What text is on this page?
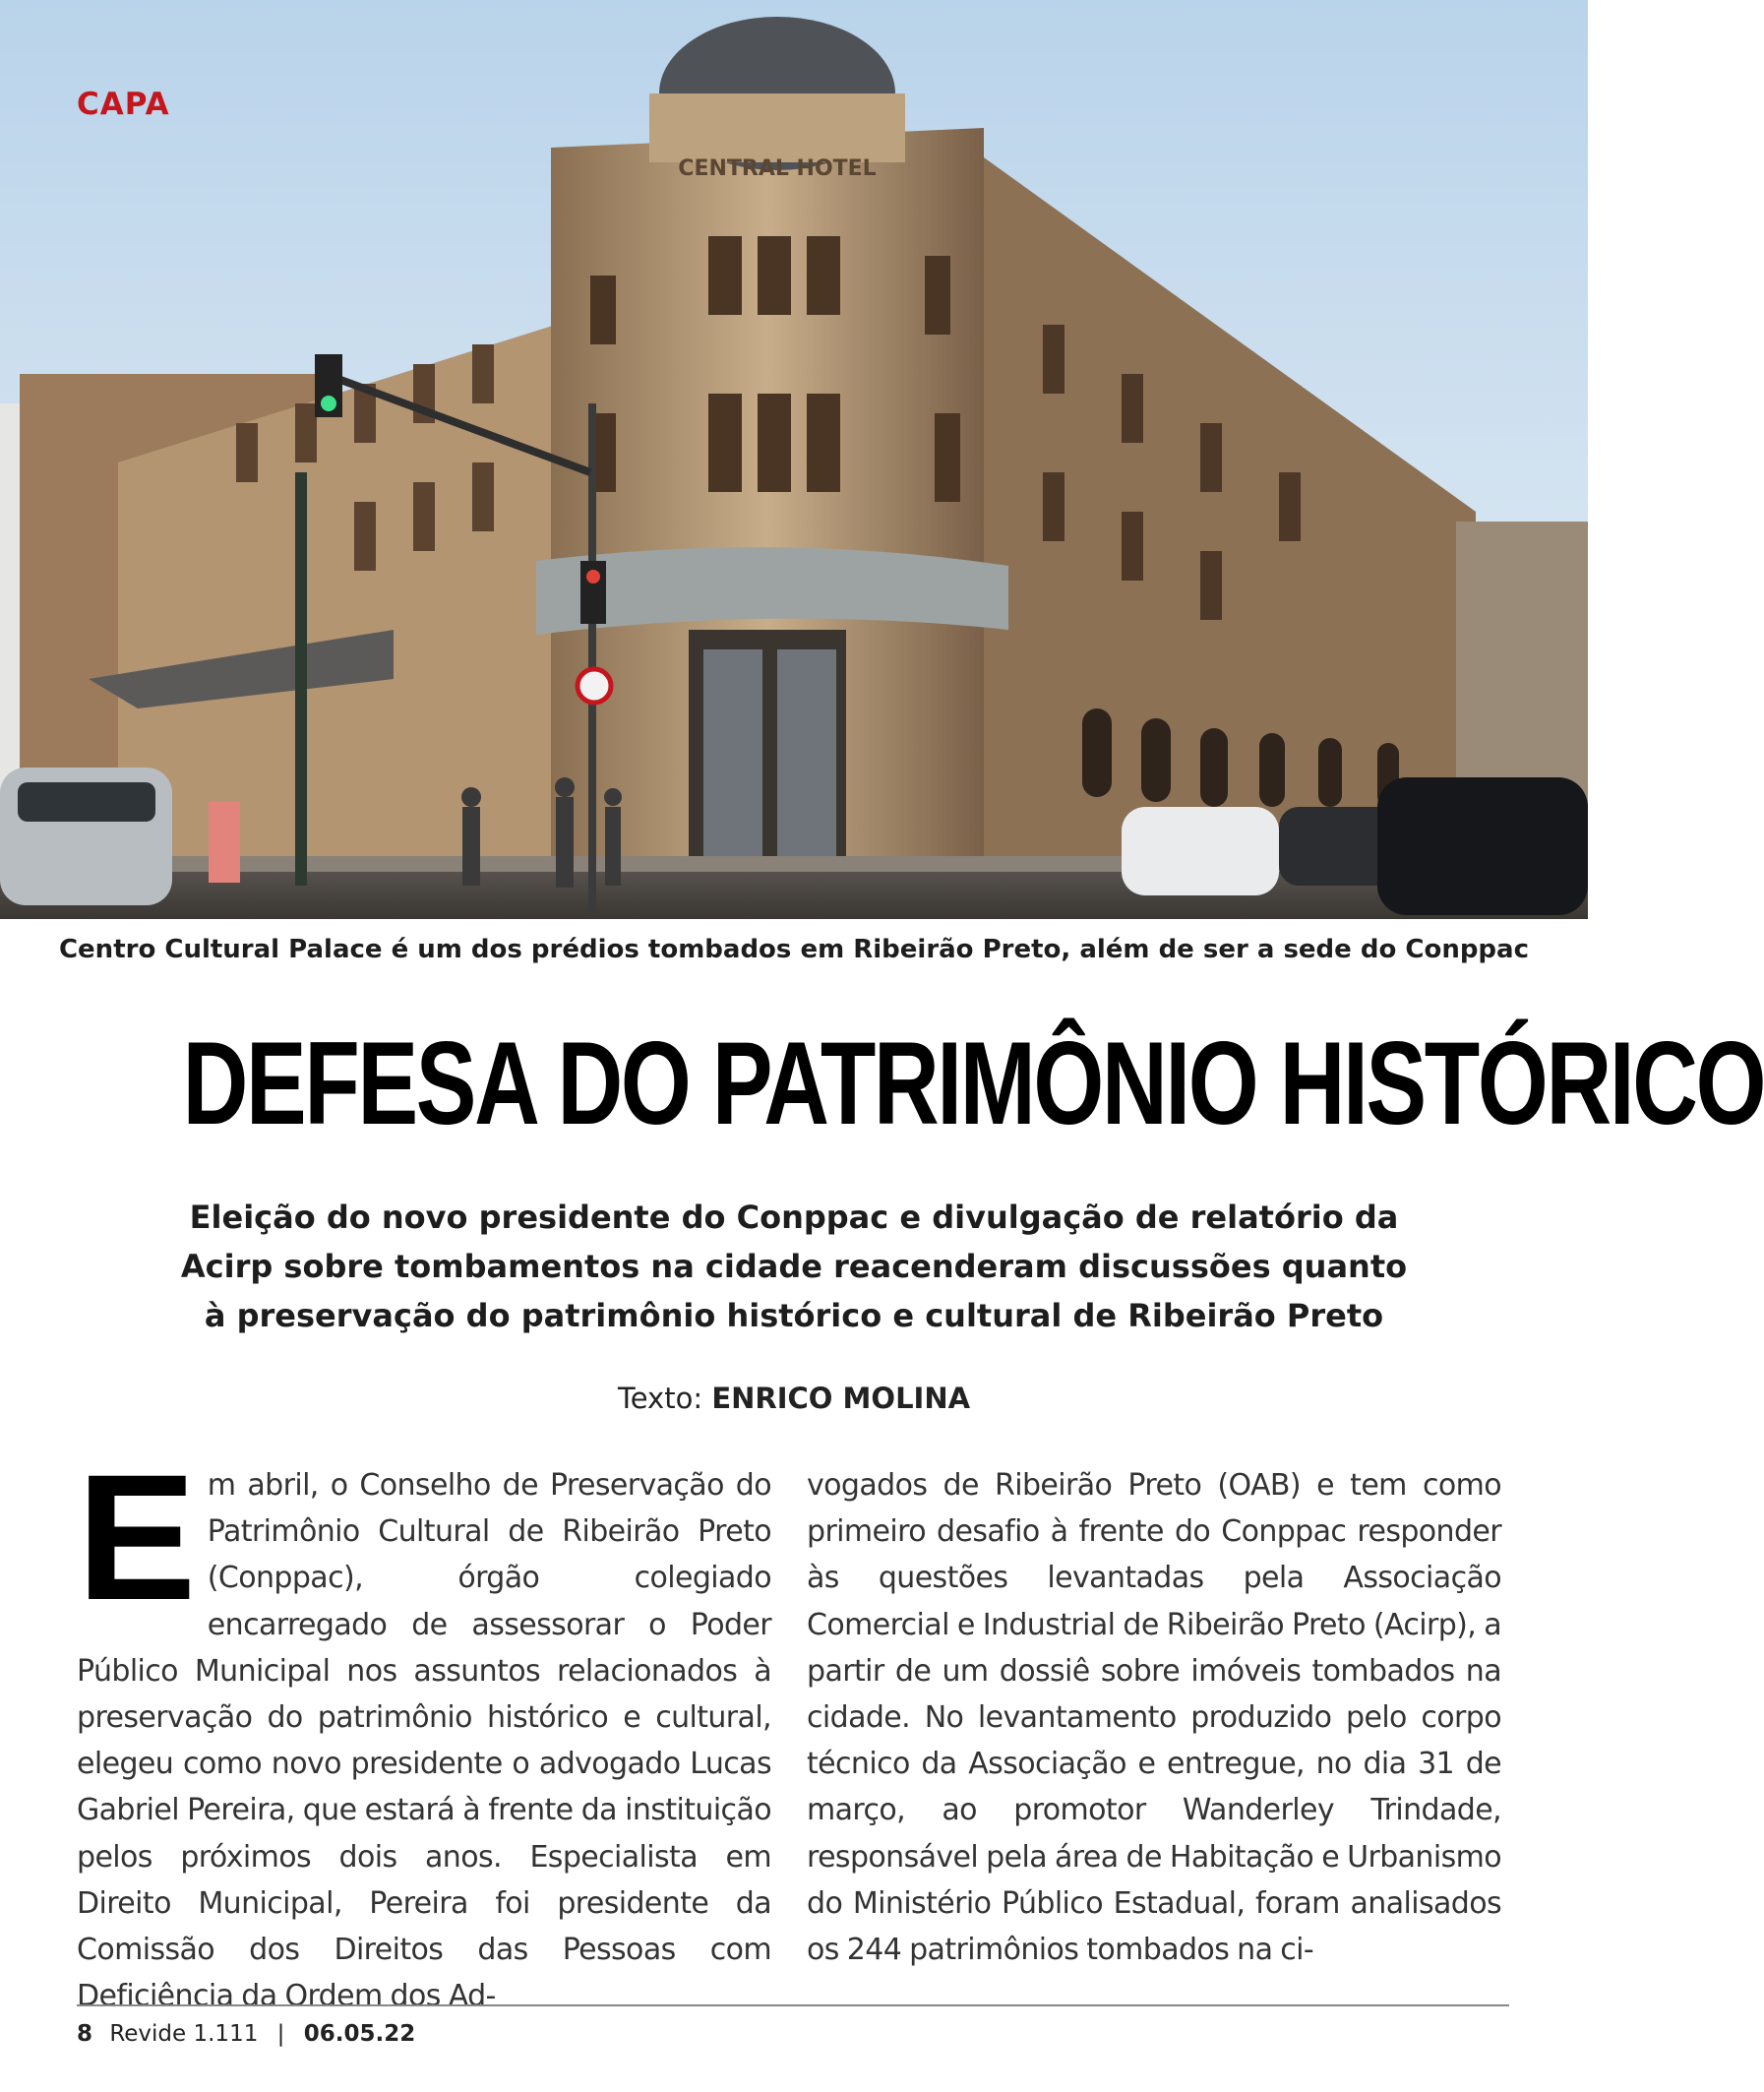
CENTRAL HOTEL
CAPA
Centro Cultural Palace é um dos prédios tombados em Ribeirão Preto, além de ser a sede do Conppac
DEFESA DO PATRIMÔNIO HISTÓRICO
Eleição do novo presidente do Conppac e divulgação de relatório da
Acirp sobre tombamentos na cidade reacenderam discussões quanto
à preservação do patrimônio histórico e cultural de Ribeirão Preto
Texto: ENRICO MOLINA
E m abril, o Conselho de Preservação do Patrimônio Cultural de Ribeirão Preto (Conppac), órgão colegiado encarregado de assessorar o Poder Público Municipal nos assuntos relacionados à preservação do patrimônio histórico e cultural, elegeu como novo presidente o advogado Lucas Gabriel Pereira, que estará à frente da instituição pelos próximos dois anos. Especialista em Direito Municipal, Pereira foi presidente da Comissão dos Direitos das Pessoas com Deficiência da Ordem dos Ad-
vogados de Ribeirão Preto (OAB) e tem como primeiro desafio à frente do Conppac responder às questões levantadas pela Associação Comercial e Industrial de Ribeirão Preto (Acirp), a partir de um dossiê sobre imóveis tombados na cidade. No levantamento produzido pelo corpo técnico da Associação e entregue, no dia 31 de março, ao promotor Wanderley Trindade, responsável pela área de Habitação e Urbanismo do Ministério Público Estadual, foram analisados os 244 patrimônios tombados na ci-
8 Revide 1.111 | 06.05.22
